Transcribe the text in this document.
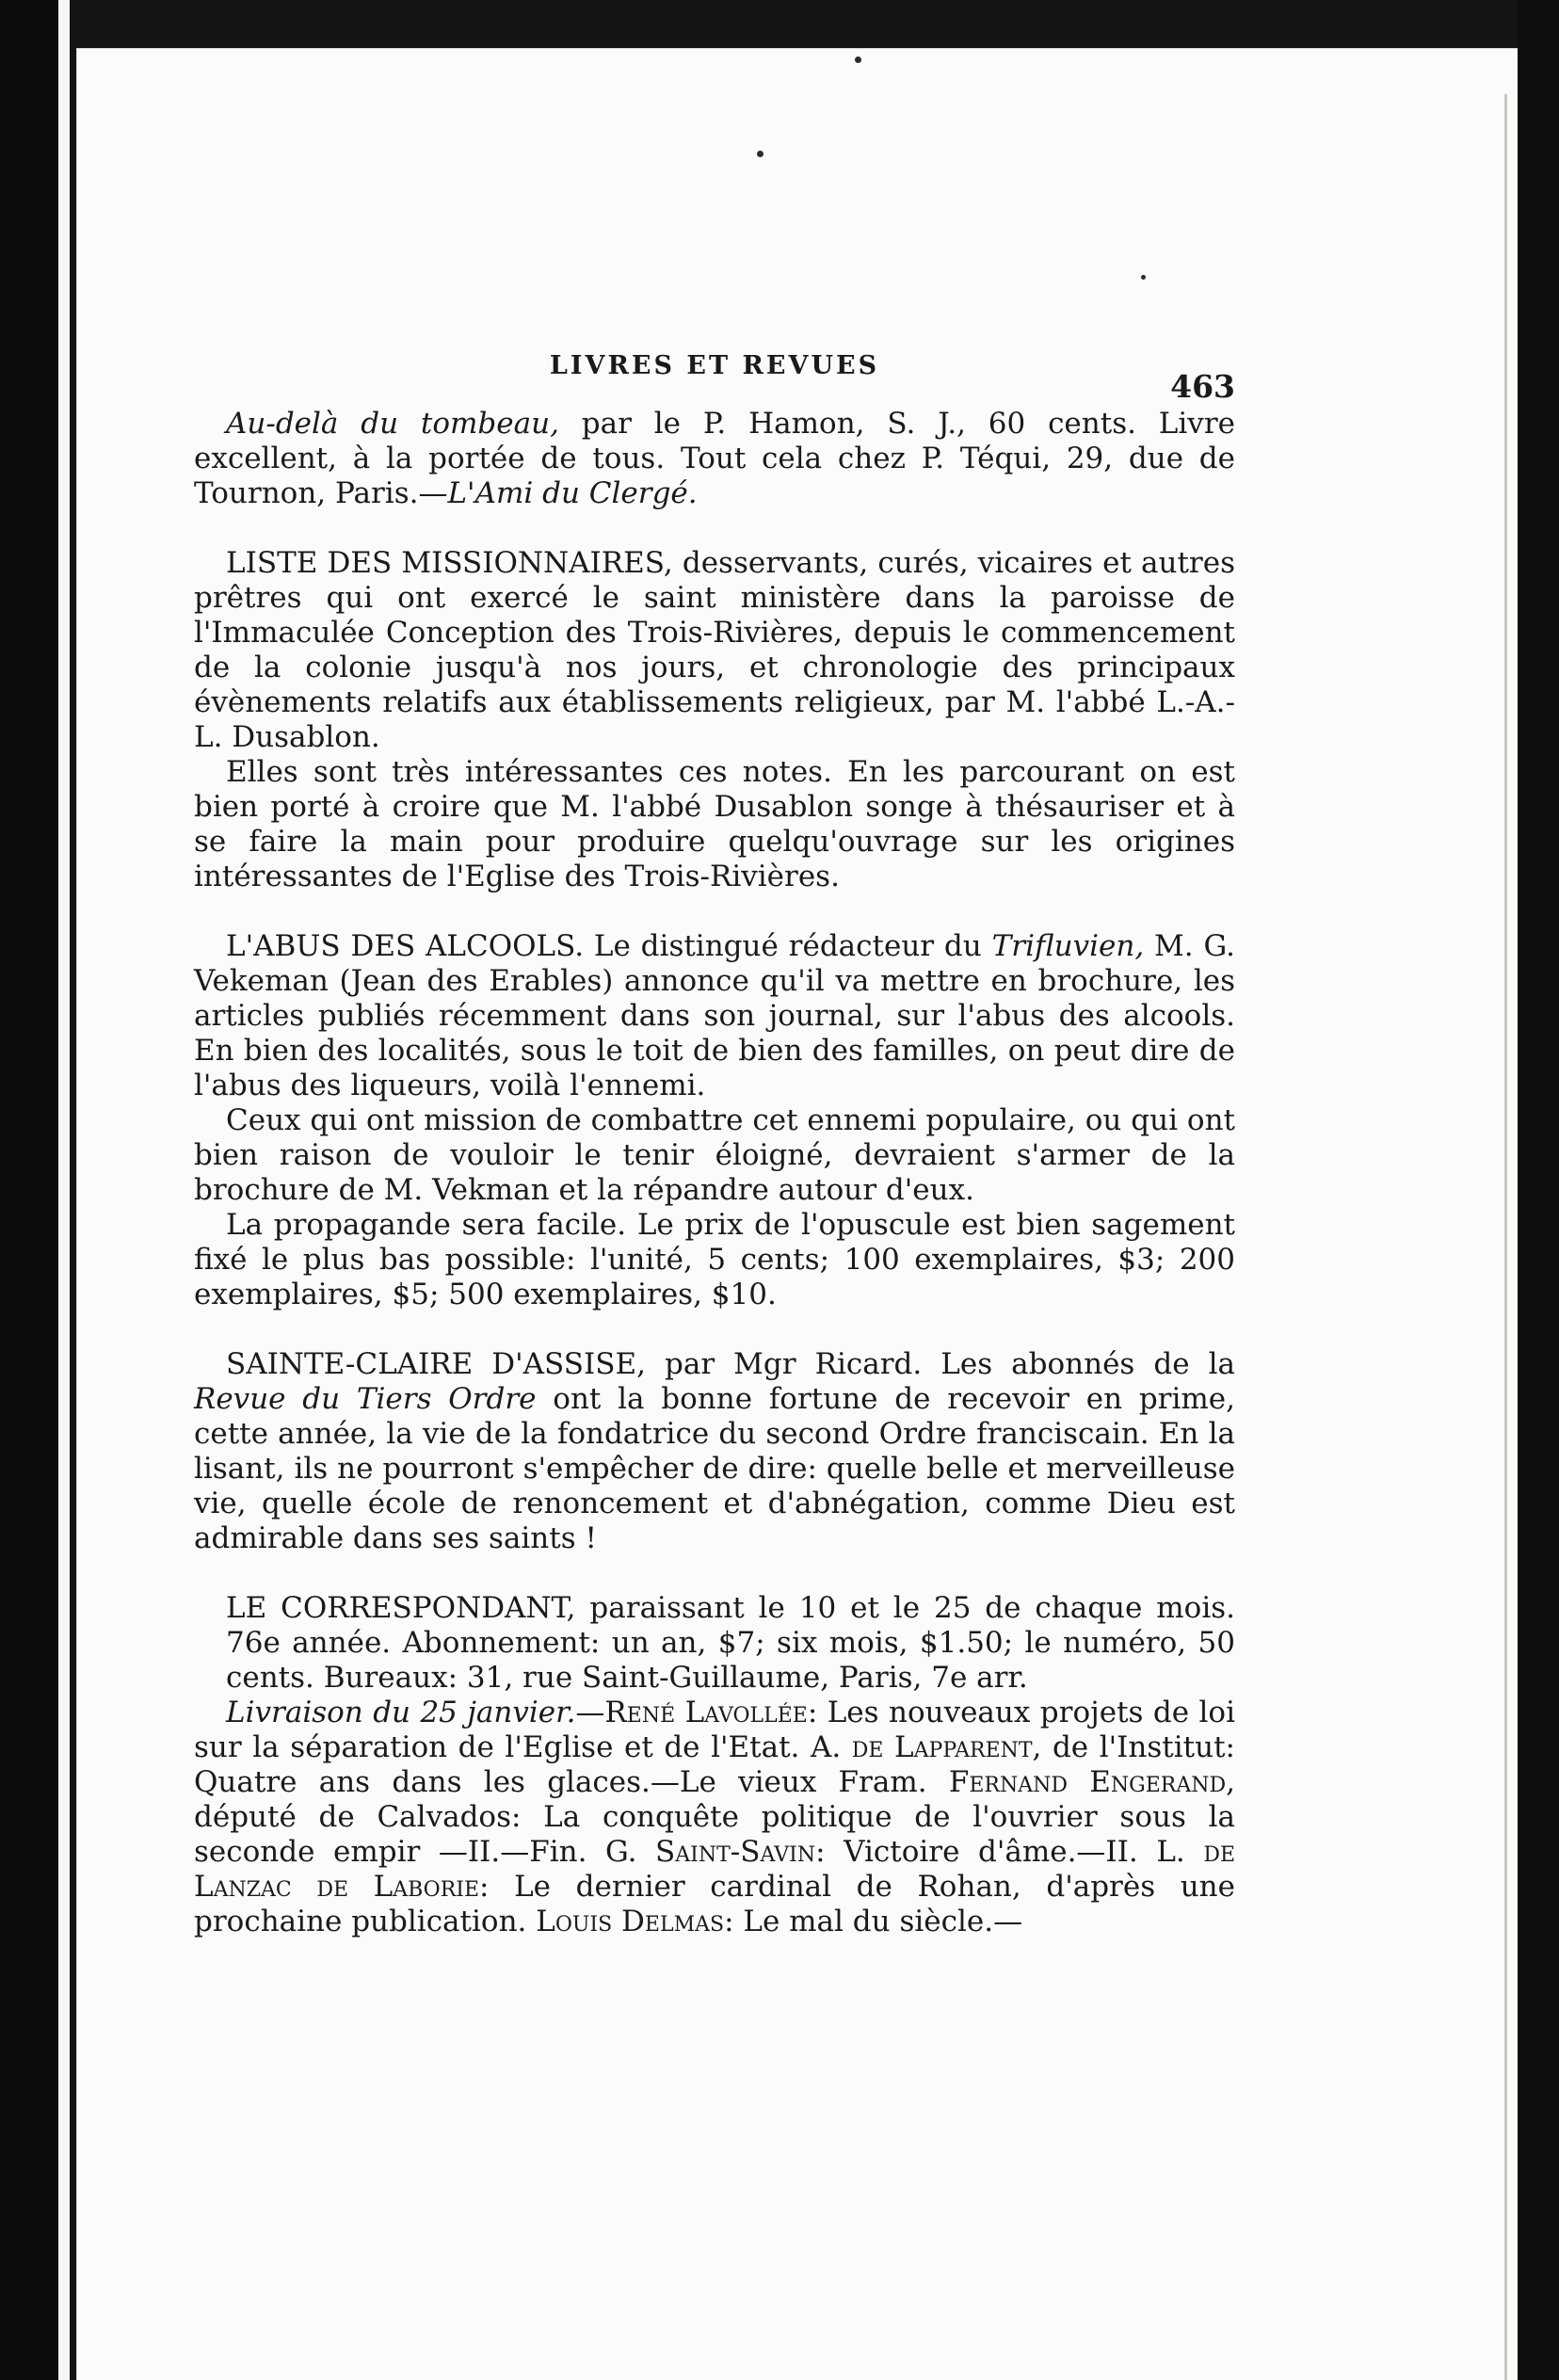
LIVRES ET REVUES
463

Au-delà du tombeau, par le P. Hamon, S. J., 60 cents. Livre excellent, à la portée de tous. Tout cela chez P. Téqui, 29, due de Tournon, Paris.—L'Ami du Clergé.

LISTE DES MISSIONNAIRES, desservants, curés, vicaires et autres prêtres qui ont exercé le saint ministère dans la paroisse de l'Immaculée Conception des Trois-Rivières, depuis le commencement de la colonie jusqu'à nos jours, et chronologie des principaux évènements relatifs aux établissements religieux, par M. l'abbé L.-A.-L. Dusablon.

Elles sont très intéressantes ces notes. En les parcourant on est bien porté à croire que M. l'abbé Dusablon songe à thésauriser et à se faire la main pour produire quelqu'ouvrage sur les origines intéressantes de l'Eglise des Trois-Rivières.

L'ABUS DES ALCOOLS. Le distingué rédacteur du Trifluvien, M. G. Vekeman (Jean des Erables) annonce qu'il va mettre en brochure, les articles publiés récemment dans son journal, sur l'abus des alcools. En bien des localités, sous le toit de bien des familles, on peut dire de l'abus des liqueurs, voilà l'ennemi.

Ceux qui ont mission de combattre cet ennemi populaire, ou qui ont bien raison de vouloir le tenir éloigné, devraient s'armer de la brochure de M. Vekman et la répandre autour d'eux.

La propagande sera facile. Le prix de l'opuscule est bien sagement fixé le plus bas possible: l'unité, 5 cents; 100 exemplaires, $3; 200 exemplaires, $5; 500 exemplaires, $10.

SAINTE-CLAIRE D'ASSISE, par Mgr Ricard. Les abonnés de la Revue du Tiers Ordre ont la bonne fortune de recevoir en prime, cette année, la vie de la fondatrice du second Ordre franciscain. En la lisant, ils ne pourront s'empêcher de dire: quelle belle et merveilleuse vie, quelle école de renoncement et d'abnégation, comme Dieu est admirable dans ses saints !

LE CORRESPONDANT, paraissant le 10 et le 25 de chaque mois. 76e année. Abonnement: un an, $7; six mois, $1.50; le numéro, 50 cents. Bureaux: 31, rue Saint-Guillaume, Paris, 7e arr.

Livraison du 25 janvier.—René Lavollée: Les nouveaux projets de loi sur la séparation de l'Eglise et de l'Etat. A. de Lapparent, de l'Institut: Quatre ans dans les glaces.—Le vieux Fram. Fernand Engerand, député de Calvados: La conquête politique de l'ouvrier sous la seconde empir —II.—Fin. G. Saint-Savin: Victoire d'âme.—II. L. de Lanzac de Laborie: Le dernier cardinal de Rohan, d'après une prochaine publication. Louis Delmas: Le mal du siècle.—
